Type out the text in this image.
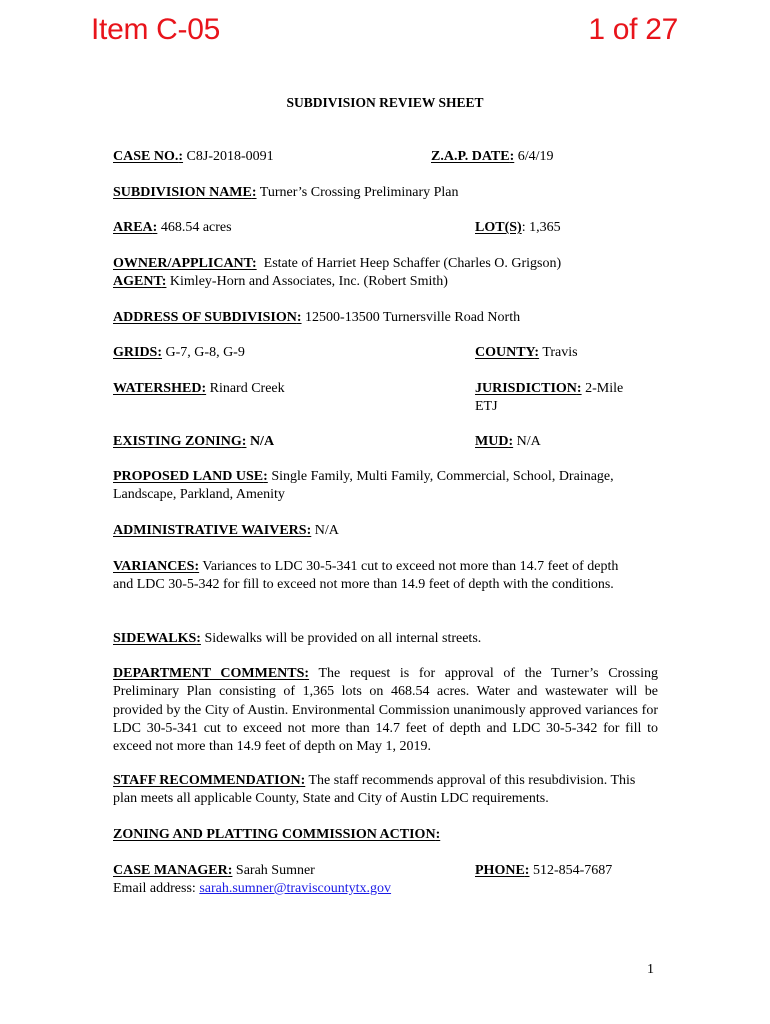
Item C-05	1 of 27
SUBDIVISION REVIEW SHEET
CASE NO.: C8J-2018-0091	Z.A.P. DATE: 6/4/19
SUBDIVISION NAME: Turner’s Crossing Preliminary Plan
AREA: 468.54 acres	LOT(S): 1,365
OWNER/APPLICANT: Estate of Harriet Heep Schaffer (Charles O. Grigson)
AGENT: Kimley-Horn and Associates, Inc. (Robert Smith)
ADDRESS OF SUBDIVISION: 12500-13500 Turnersville Road North
GRIDS: G-7, G-8, G-9	COUNTY: Travis
WATERSHED: Rinard Creek	JURISDICTION: 2-Mile
ETJ
EXISTING ZONING: N/A	MUD: N/A
PROPOSED LAND USE: Single Family, Multi Family, Commercial, School, Drainage, Landscape, Parkland, Amenity
ADMINISTRATIVE WAIVERS: N/A
VARIANCES: Variances to LDC 30-5-341 cut to exceed not more than 14.7 feet of depth and LDC 30-5-342 for fill to exceed not more than 14.9 feet of depth with the conditions.
SIDEWALKS: Sidewalks will be provided on all internal streets.
DEPARTMENT COMMENTS: The request is for approval of the Turner’s Crossing Preliminary Plan consisting of 1,365 lots on 468.54 acres. Water and wastewater will be provided by the City of Austin. Environmental Commission unanimously approved variances for LDC 30-5-341 cut to exceed not more than 14.7 feet of depth and LDC 30-5-342 for fill to exceed not more than 14.9 feet of depth on May 1, 2019.
STAFF RECOMMENDATION: The staff recommends approval of this resubdivision. This plan meets all applicable County, State and City of Austin LDC requirements.
ZONING AND PLATTING COMMISSION ACTION:
CASE MANAGER: Sarah Sumner	PHONE: 512-854-7687
Email address: sarah.sumner@traviscountytx.gov
1
